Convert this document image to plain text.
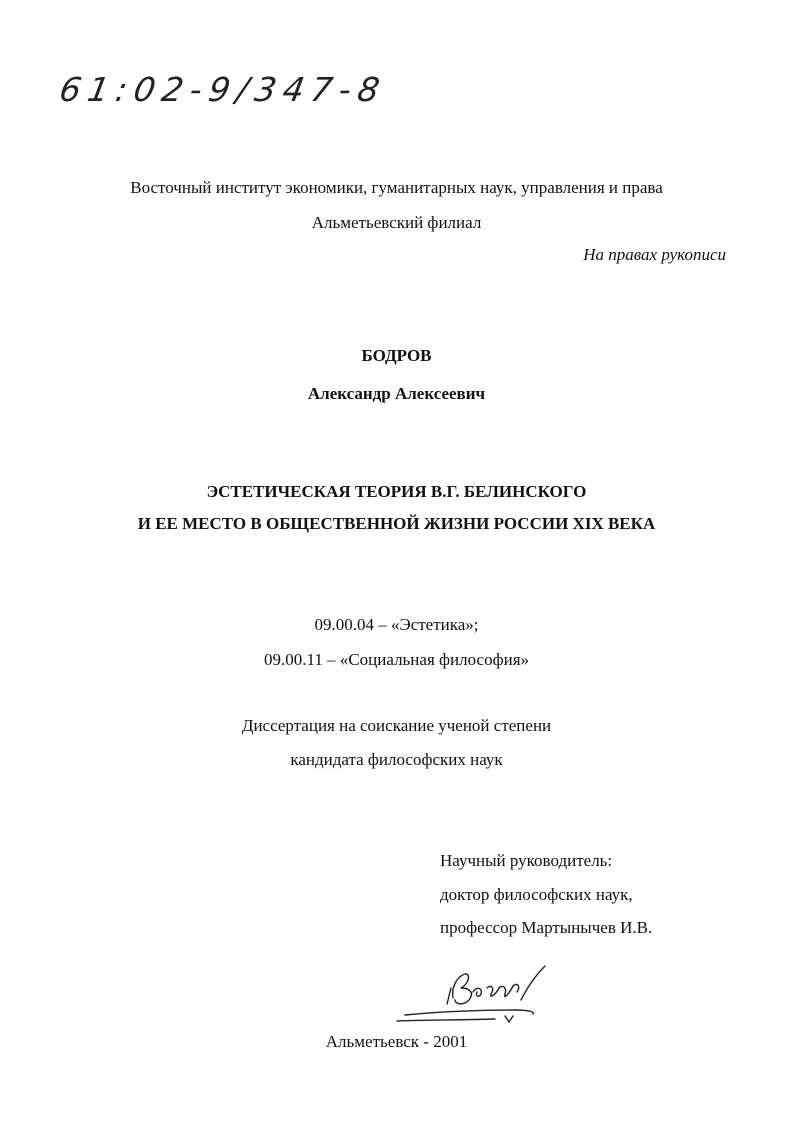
61:02-9/347-8
Восточный институт экономики, гуманитарных наук, управления и права
Альметьевский филиал
На правах рукописи
БОДРОВ
Александр Алексеевич
ЭСТЕТИЧЕСКАЯ ТЕОРИЯ В.Г. БЕЛИНСКОГО
И ЕЕ МЕСТО В ОБЩЕСТВЕННОЙ ЖИЗНИ РОССИИ XIX ВЕКА
09.00.04 – «Эстетика»;
09.00.11 – «Социальная философия»
Диссертация на соискание ученой степени
кандидата философских наук
Научный руководитель:
доктор философских наук,
профессор Мартынычев И.В.
Альметьевск - 2001
